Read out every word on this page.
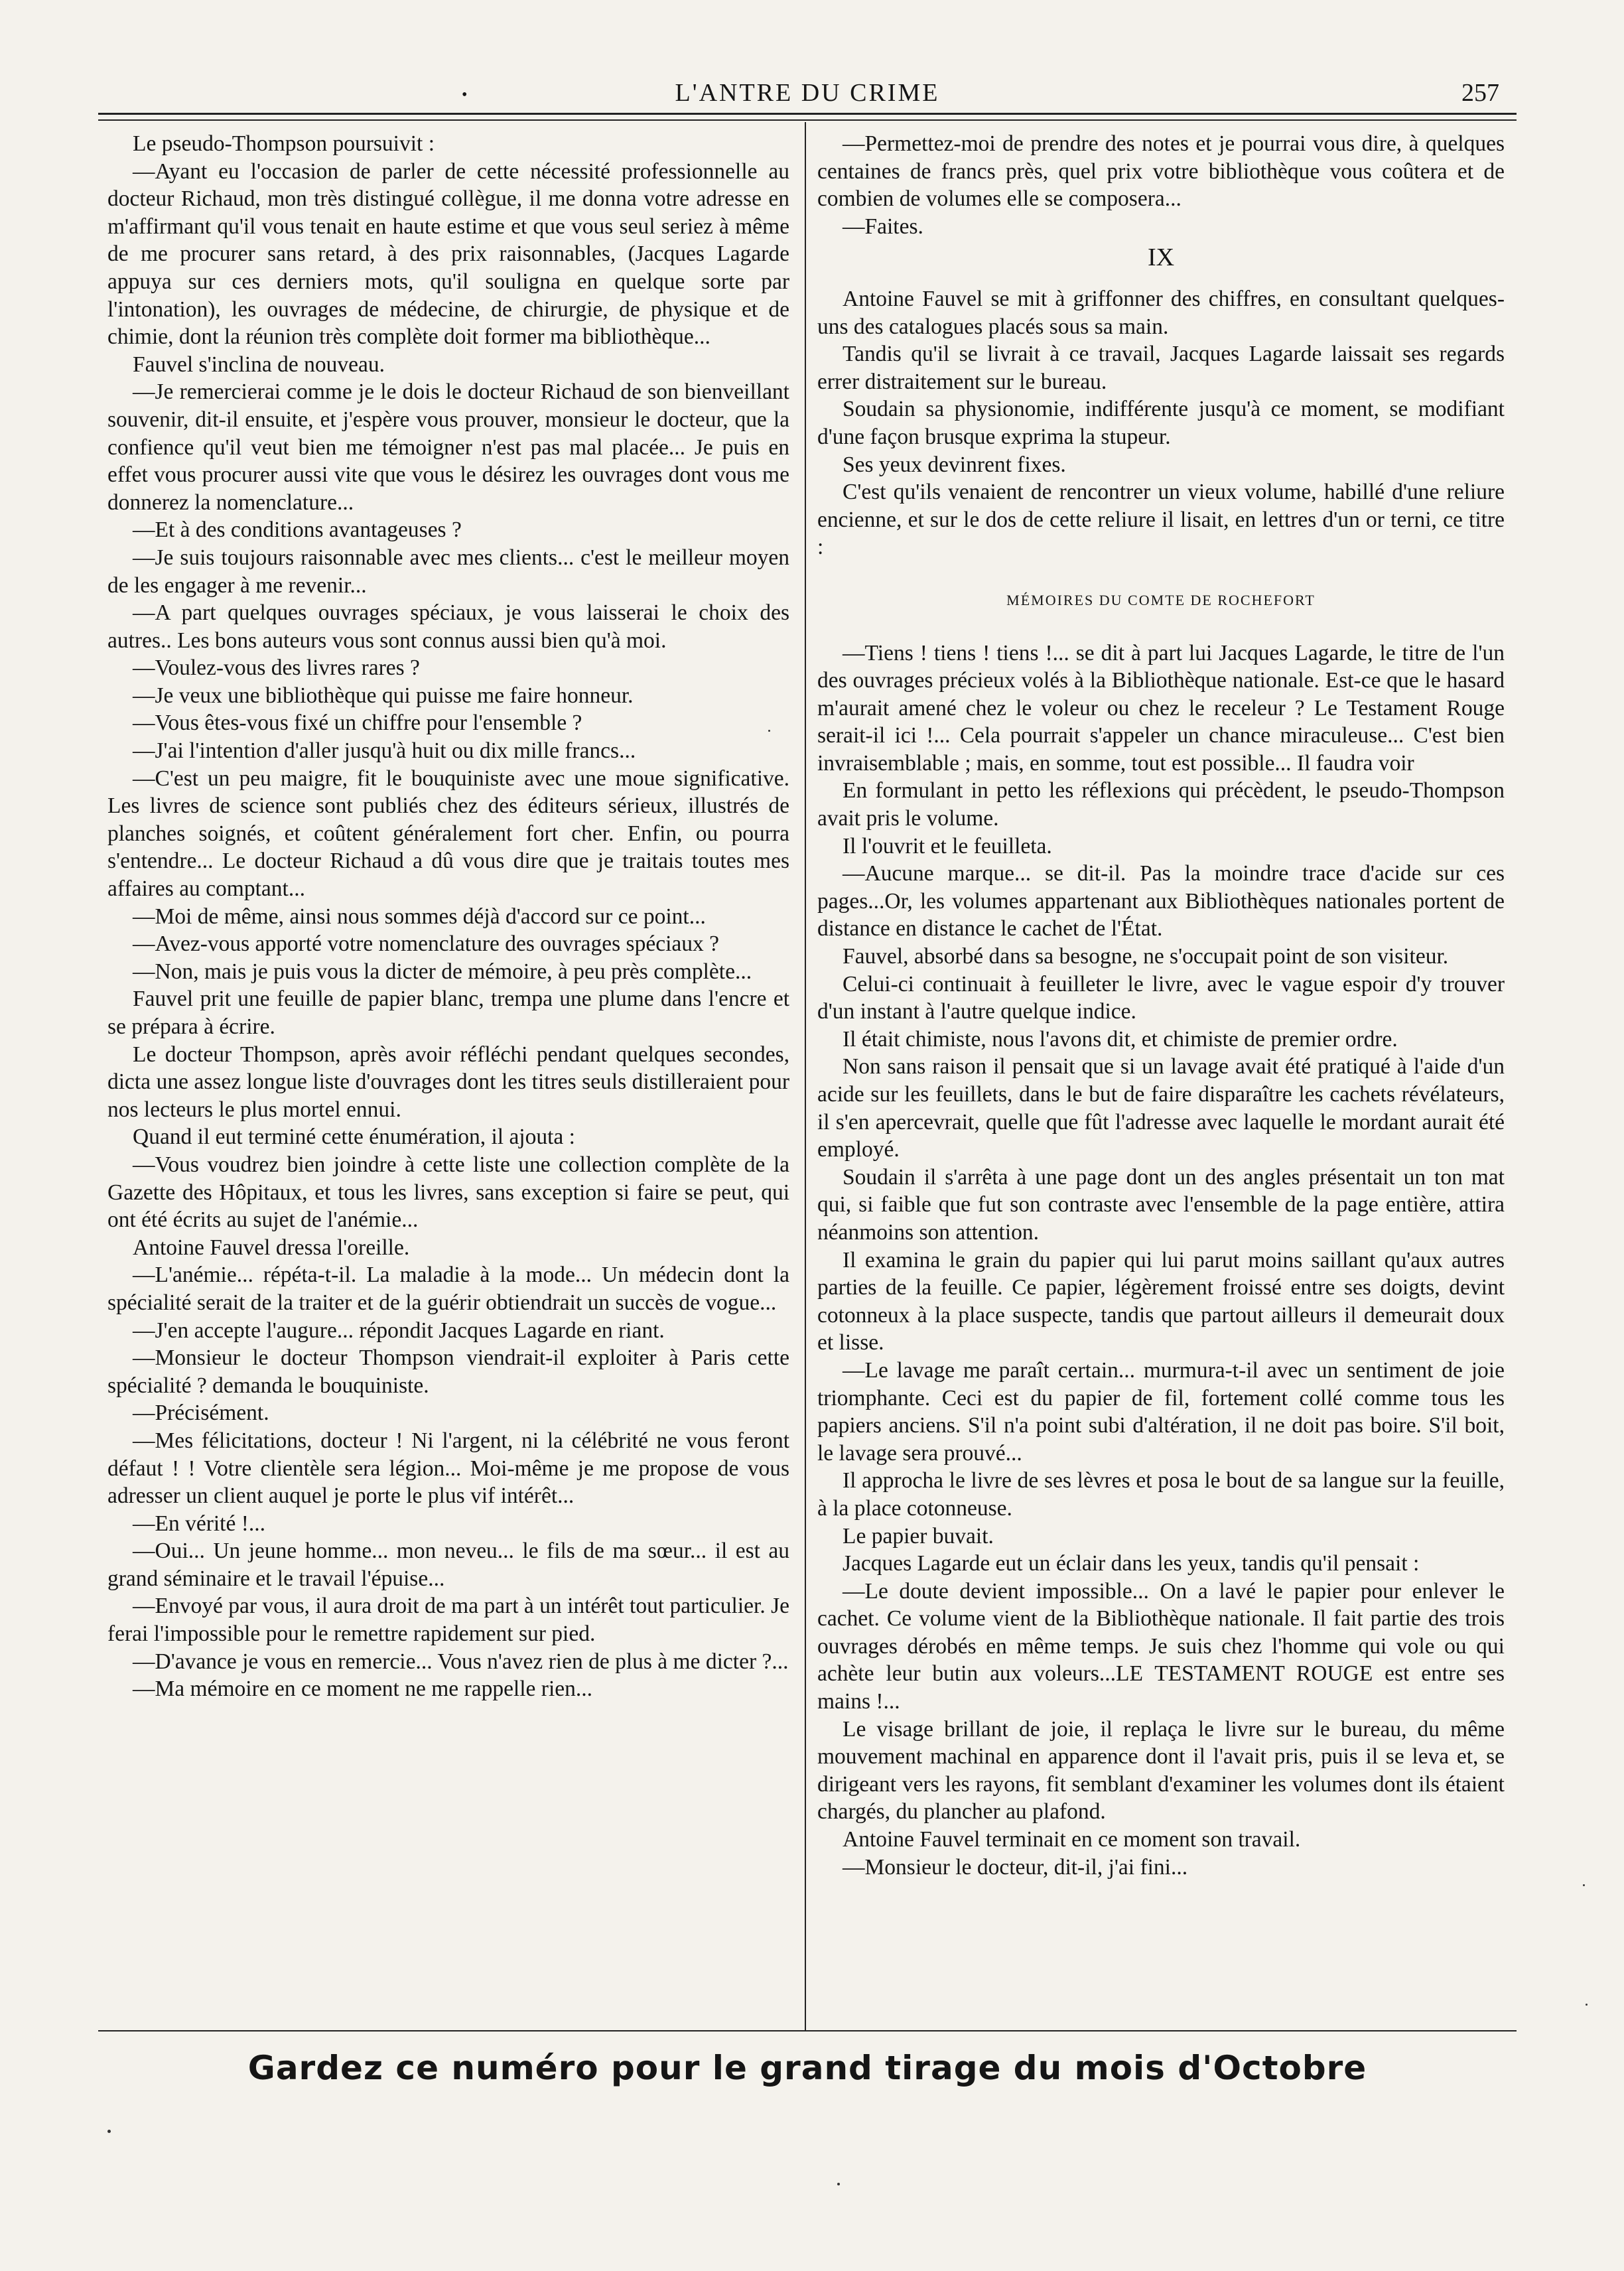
•	L'ANTRE DU CRIME	257

Le pseudo-Thompson poursuivit :

—Ayant eu l'occasion de parler de cette nécessité professionnelle au docteur Richaud, mon très distingué collègue, il me donna votre adresse en m'affirmant qu'il vous tenait en haute estime et que vous seul seriez à même de me procurer sans retard, à des prix raisonnables, (Jacques Lagarde appuya sur ces derniers mots, qu'il souligna en quelque sorte par l'intonation), les ouvrages de médecine, de chirurgie, de physique et de chimie, dont la réunion très complète doit former ma bibliothèque...

Fauvel s'inclina de nouveau.

—Je remercierai comme je le dois le docteur Richaud de son bienveillant souvenir, dit-il ensuite, et j'espère vous prouver, monsieur le docteur, que la confience qu'il veut bien me témoigner n'est pas mal placée... Je puis en effet vous procurer aussi vite que vous le désirez les ouvrages dont vous me donnerez la nomenclature...

—Et à des conditions avantageuses ?

—Je suis toujours raisonnable avec mes clients... c'est le meilleur moyen de les engager à me revenir...

—A part quelques ouvrages spéciaux, je vous laisserai le choix des autres.. Les bons auteurs vous sont connus aussi bien qu'à moi.

—Voulez-vous des livres rares ?

—Je veux une bibliothèque qui puisse me faire honneur.

—Vous êtes-vous fixé un chiffre pour l'ensemble ?

—J'ai l'intention d'aller jusqu'à huit ou dix mille francs...

—C'est un peu maigre, fit le bouquiniste avec une moue significative. Les livres de science sont publiés chez des éditeurs sérieux, illustrés de planches soignés, et coûtent généralement fort cher. Enfin, ou pourra s'entendre... Le docteur Richaud a dû vous dire que je traitais toutes mes affaires au comptant...

—Moi de même, ainsi nous sommes déjà d'accord sur ce point...

—Avez-vous apporté votre nomenclature des ouvrages spéciaux ?

—Non, mais je puis vous la dicter de mémoire, à peu près complète...

Fauvel prit une feuille de papier blanc, trempa une plume dans l'encre et se prépara à écrire.

Le docteur Thompson, après avoir réfléchi pendant quelques secondes, dicta une assez longue liste d'ouvrages dont les titres seuls distilleraient pour nos lecteurs le plus mortel ennui.

Quand il eut terminé cette énumération, il ajouta :

—Vous voudrez bien joindre à cette liste une collection complète de la Gazette des Hôpitaux, et tous les livres, sans exception si faire se peut, qui ont été écrits au sujet de l'anémie...

Antoine Fauvel dressa l'oreille.

—L'anémie... répéta-t-il. La maladie à la mode... Un médecin dont la spécialité serait de la traiter et de la guérir obtiendrait un succès de vogue...

—J'en accepte l'augure... répondit Jacques Lagarde en riant.

—Monsieur le docteur Thompson viendrait-il exploiter à Paris cette spécialité ? demanda le bouquiniste.

—Précisément.

—Mes félicitations, docteur ! Ni l'argent, ni la célébrité ne vous feront défaut ! ! Votre clientèle sera légion... Moi-même je me propose de vous adresser un client auquel je porte le plus vif intérêt...

—En vérité !...

—Oui... Un jeune homme... mon neveu... le fils de ma sœur... il est au grand séminaire et le travail l'épuise...

—Envoyé par vous, il aura droit de ma part à un intérêt tout particulier. Je ferai l'impossible pour le remettre rapidement sur pied.

—D'avance je vous en remercie... Vous n'avez rien de plus à me dicter ?...

—Ma mémoire en ce moment ne me rappelle rien...

—Permettez-moi de prendre des notes et je pourrai vous dire, à quelques centaines de francs près, quel prix votre bibliothèque vous coûtera et de combien de volumes elle se composera...

—Faites.

IX

Antoine Fauvel se mit à griffonner des chiffres, en consultant quelques-uns des catalogues placés sous sa main.

Tandis qu'il se livrait à ce travail, Jacques Lagarde laissait ses regards errer distraitement sur le bureau.

Soudain sa physionomie, indifférente jusqu'à ce moment, se modifiant d'une façon brusque exprima la stupeur.

Ses yeux devinrent fixes.

C'est qu'ils venaient de rencontrer un vieux volume, habillé d'une reliure encienne, et sur le dos de cette reliure il lisait, en lettres d'un or terni, ce titre :

MÉMOIRES DU COMTE DE ROCHEFORT

—Tiens ! tiens ! tiens !... se dit à part lui Jacques Lagarde, le titre de l'un des ouvrages précieux volés à la Bibliothèque nationale. Est-ce que le hasard m'aurait amené chez le voleur ou chez le receleur ? Le Testament Rouge serait-il ici !... Cela pourrait s'appeler un chance miraculeuse... C'est bien invraisemblable ; mais, en somme, tout est possible... Il faudra voir

En formulant in petto les réflexions qui précèdent, le pseudo-Thompson avait pris le volume.

Il l'ouvrit et le feuilleta.

—Aucune marque... se dit-il. Pas la moindre trace d'acide sur ces pages...Or, les volumes appartenant aux Bibliothèques nationales portent de distance en distance le cachet de l'État.

Fauvel, absorbé dans sa besogne, ne s'occupait point de son visiteur.

Celui-ci continuait à feuilleter le livre, avec le vague espoir d'y trouver d'un instant à l'autre quelque indice.

Il était chimiste, nous l'avons dit, et chimiste de premier ordre.

Non sans raison il pensait que si un lavage avait été pratiqué à l'aide d'un acide sur les feuillets, dans le but de faire disparaître les cachets révélateurs, il s'en apercevrait, quelle que fût l'adresse avec laquelle le mordant aurait été employé.

Soudain il s'arrêta à une page dont un des angles présentait un ton mat qui, si faible que fut son contraste avec l'ensemble de la page entière, attira néanmoins son attention.

Il examina le grain du papier qui lui parut moins saillant qu'aux autres parties de la feuille. Ce papier, légèrement froissé entre ses doigts, devint cotonneux à la place suspecte, tandis que partout ailleurs il demeurait doux et lisse.

—Le lavage me paraît certain... murmura-t-il avec un sentiment de joie triomphante. Ceci est du papier de fil, fortement collé comme tous les papiers anciens. S'il n'a point subi d'altération, il ne doit pas boire. S'il boit, le lavage sera prouvé...

Il approcha le livre de ses lèvres et posa le bout de sa langue sur la feuille, à la place cotonneuse.

Le papier buvait.

Jacques Lagarde eut un éclair dans les yeux, tandis qu'il pensait :

—Le doute devient impossible... On a lavé le papier pour enlever le cachet. Ce volume vient de la Bibliothèque nationale. Il fait partie des trois ouvrages dérobés en même temps. Je suis chez l'homme qui vole ou qui achète leur butin aux voleurs...LE TESTAMENT ROUGE est entre ses mains !...

Le visage brillant de joie, il replaça le livre sur le bureau, du même mouvement machinal en apparence dont il l'avait pris, puis il se leva et, se dirigeant vers les rayons, fit semblant d'examiner les volumes dont ils étaient chargés, du plancher au plafond.

Antoine Fauvel terminait en ce moment son travail.

—Monsieur le docteur, dit-il, j'ai fini...

Gardez ce numéro pour le grand tirage du mois d'Octobre
